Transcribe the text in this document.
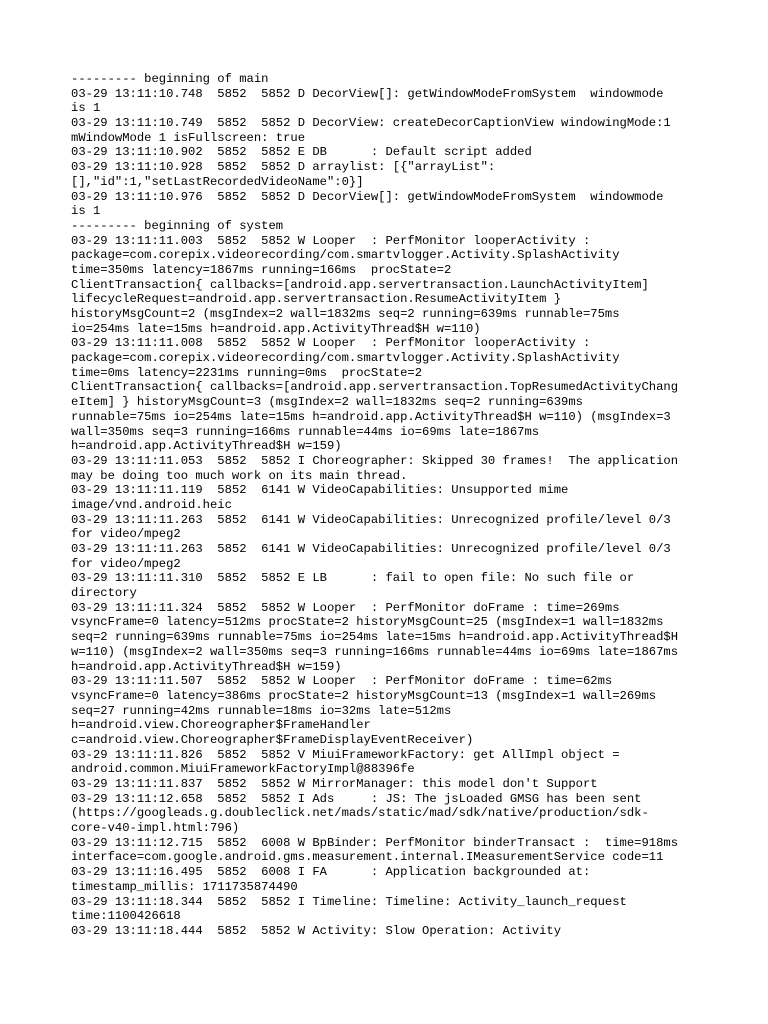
--------- beginning of main
03-29 13:11:10.748  5852  5852 D DecorView[]: getWindowModeFromSystem  windowmode
is 1
03-29 13:11:10.749  5852  5852 D DecorView: createDecorCaptionView windowingMode:1
mWindowMode 1 isFullscreen: true
03-29 13:11:10.902  5852  5852 E DB      : Default script added
03-29 13:11:10.928  5852  5852 D arraylist: [{"arrayList":
[],"id":1,"setLastRecordedVideoName":0}]
03-29 13:11:10.976  5852  5852 D DecorView[]: getWindowModeFromSystem  windowmode
is 1
--------- beginning of system
03-29 13:11:11.003  5852  5852 W Looper  : PerfMonitor looperActivity :
package=com.corepix.videorecording/com.smartvlogger.Activity.SplashActivity
time=350ms latency=1867ms running=166ms  procState=2
ClientTransaction{ callbacks=[android.app.servertransaction.LaunchActivityItem]
lifecycleRequest=android.app.servertransaction.ResumeActivityItem }
historyMsgCount=2 (msgIndex=2 wall=1832ms seq=2 running=639ms runnable=75ms
io=254ms late=15ms h=android.app.ActivityThread$H w=110)
03-29 13:11:11.008  5852  5852 W Looper  : PerfMonitor looperActivity :
package=com.corepix.videorecording/com.smartvlogger.Activity.SplashActivity
time=0ms latency=2231ms running=0ms  procState=2
ClientTransaction{ callbacks=[android.app.servertransaction.TopResumedActivityChang
eItem] } historyMsgCount=3 (msgIndex=2 wall=1832ms seq=2 running=639ms
runnable=75ms io=254ms late=15ms h=android.app.ActivityThread$H w=110) (msgIndex=3
wall=350ms seq=3 running=166ms runnable=44ms io=69ms late=1867ms
h=android.app.ActivityThread$H w=159)
03-29 13:11:11.053  5852  5852 I Choreographer: Skipped 30 frames!  The application
may be doing too much work on its main thread.
03-29 13:11:11.119  5852  6141 W VideoCapabilities: Unsupported mime
image/vnd.android.heic
03-29 13:11:11.263  5852  6141 W VideoCapabilities: Unrecognized profile/level 0/3
for video/mpeg2
03-29 13:11:11.263  5852  6141 W VideoCapabilities: Unrecognized profile/level 0/3
for video/mpeg2
03-29 13:11:11.310  5852  5852 E LB      : fail to open file: No such file or
directory
03-29 13:11:11.324  5852  5852 W Looper  : PerfMonitor doFrame : time=269ms
vsyncFrame=0 latency=512ms procState=2 historyMsgCount=25 (msgIndex=1 wall=1832ms
seq=2 running=639ms runnable=75ms io=254ms late=15ms h=android.app.ActivityThread$H
w=110) (msgIndex=2 wall=350ms seq=3 running=166ms runnable=44ms io=69ms late=1867ms
h=android.app.ActivityThread$H w=159)
03-29 13:11:11.507  5852  5852 W Looper  : PerfMonitor doFrame : time=62ms
vsyncFrame=0 latency=386ms procState=2 historyMsgCount=13 (msgIndex=1 wall=269ms
seq=27 running=42ms runnable=18ms io=32ms late=512ms
h=android.view.Choreographer$FrameHandler
c=android.view.Choreographer$FrameDisplayEventReceiver)
03-29 13:11:11.826  5852  5852 V MiuiFrameworkFactory: get AllImpl object =
android.common.MiuiFrameworkFactoryImpl@88396fe
03-29 13:11:11.837  5852  5852 W MirrorManager: this model don't Support
03-29 13:11:12.658  5852  5852 I Ads     : JS: The jsLoaded GMSG has been sent
(https://googleads.g.doubleclick.net/mads/static/mad/sdk/native/production/sdk-
core-v40-impl.html:796)
03-29 13:11:12.715  5852  6008 W BpBinder: PerfMonitor binderTransact :  time=918ms
interface=com.google.android.gms.measurement.internal.IMeasurementService code=11
03-29 13:11:16.495  5852  6008 I FA      : Application backgrounded at:
timestamp_millis: 1711735874490
03-29 13:11:18.344  5852  5852 I Timeline: Timeline: Activity_launch_request
time:1100426618
03-29 13:11:18.444  5852  5852 W Activity: Slow Operation: Activity
